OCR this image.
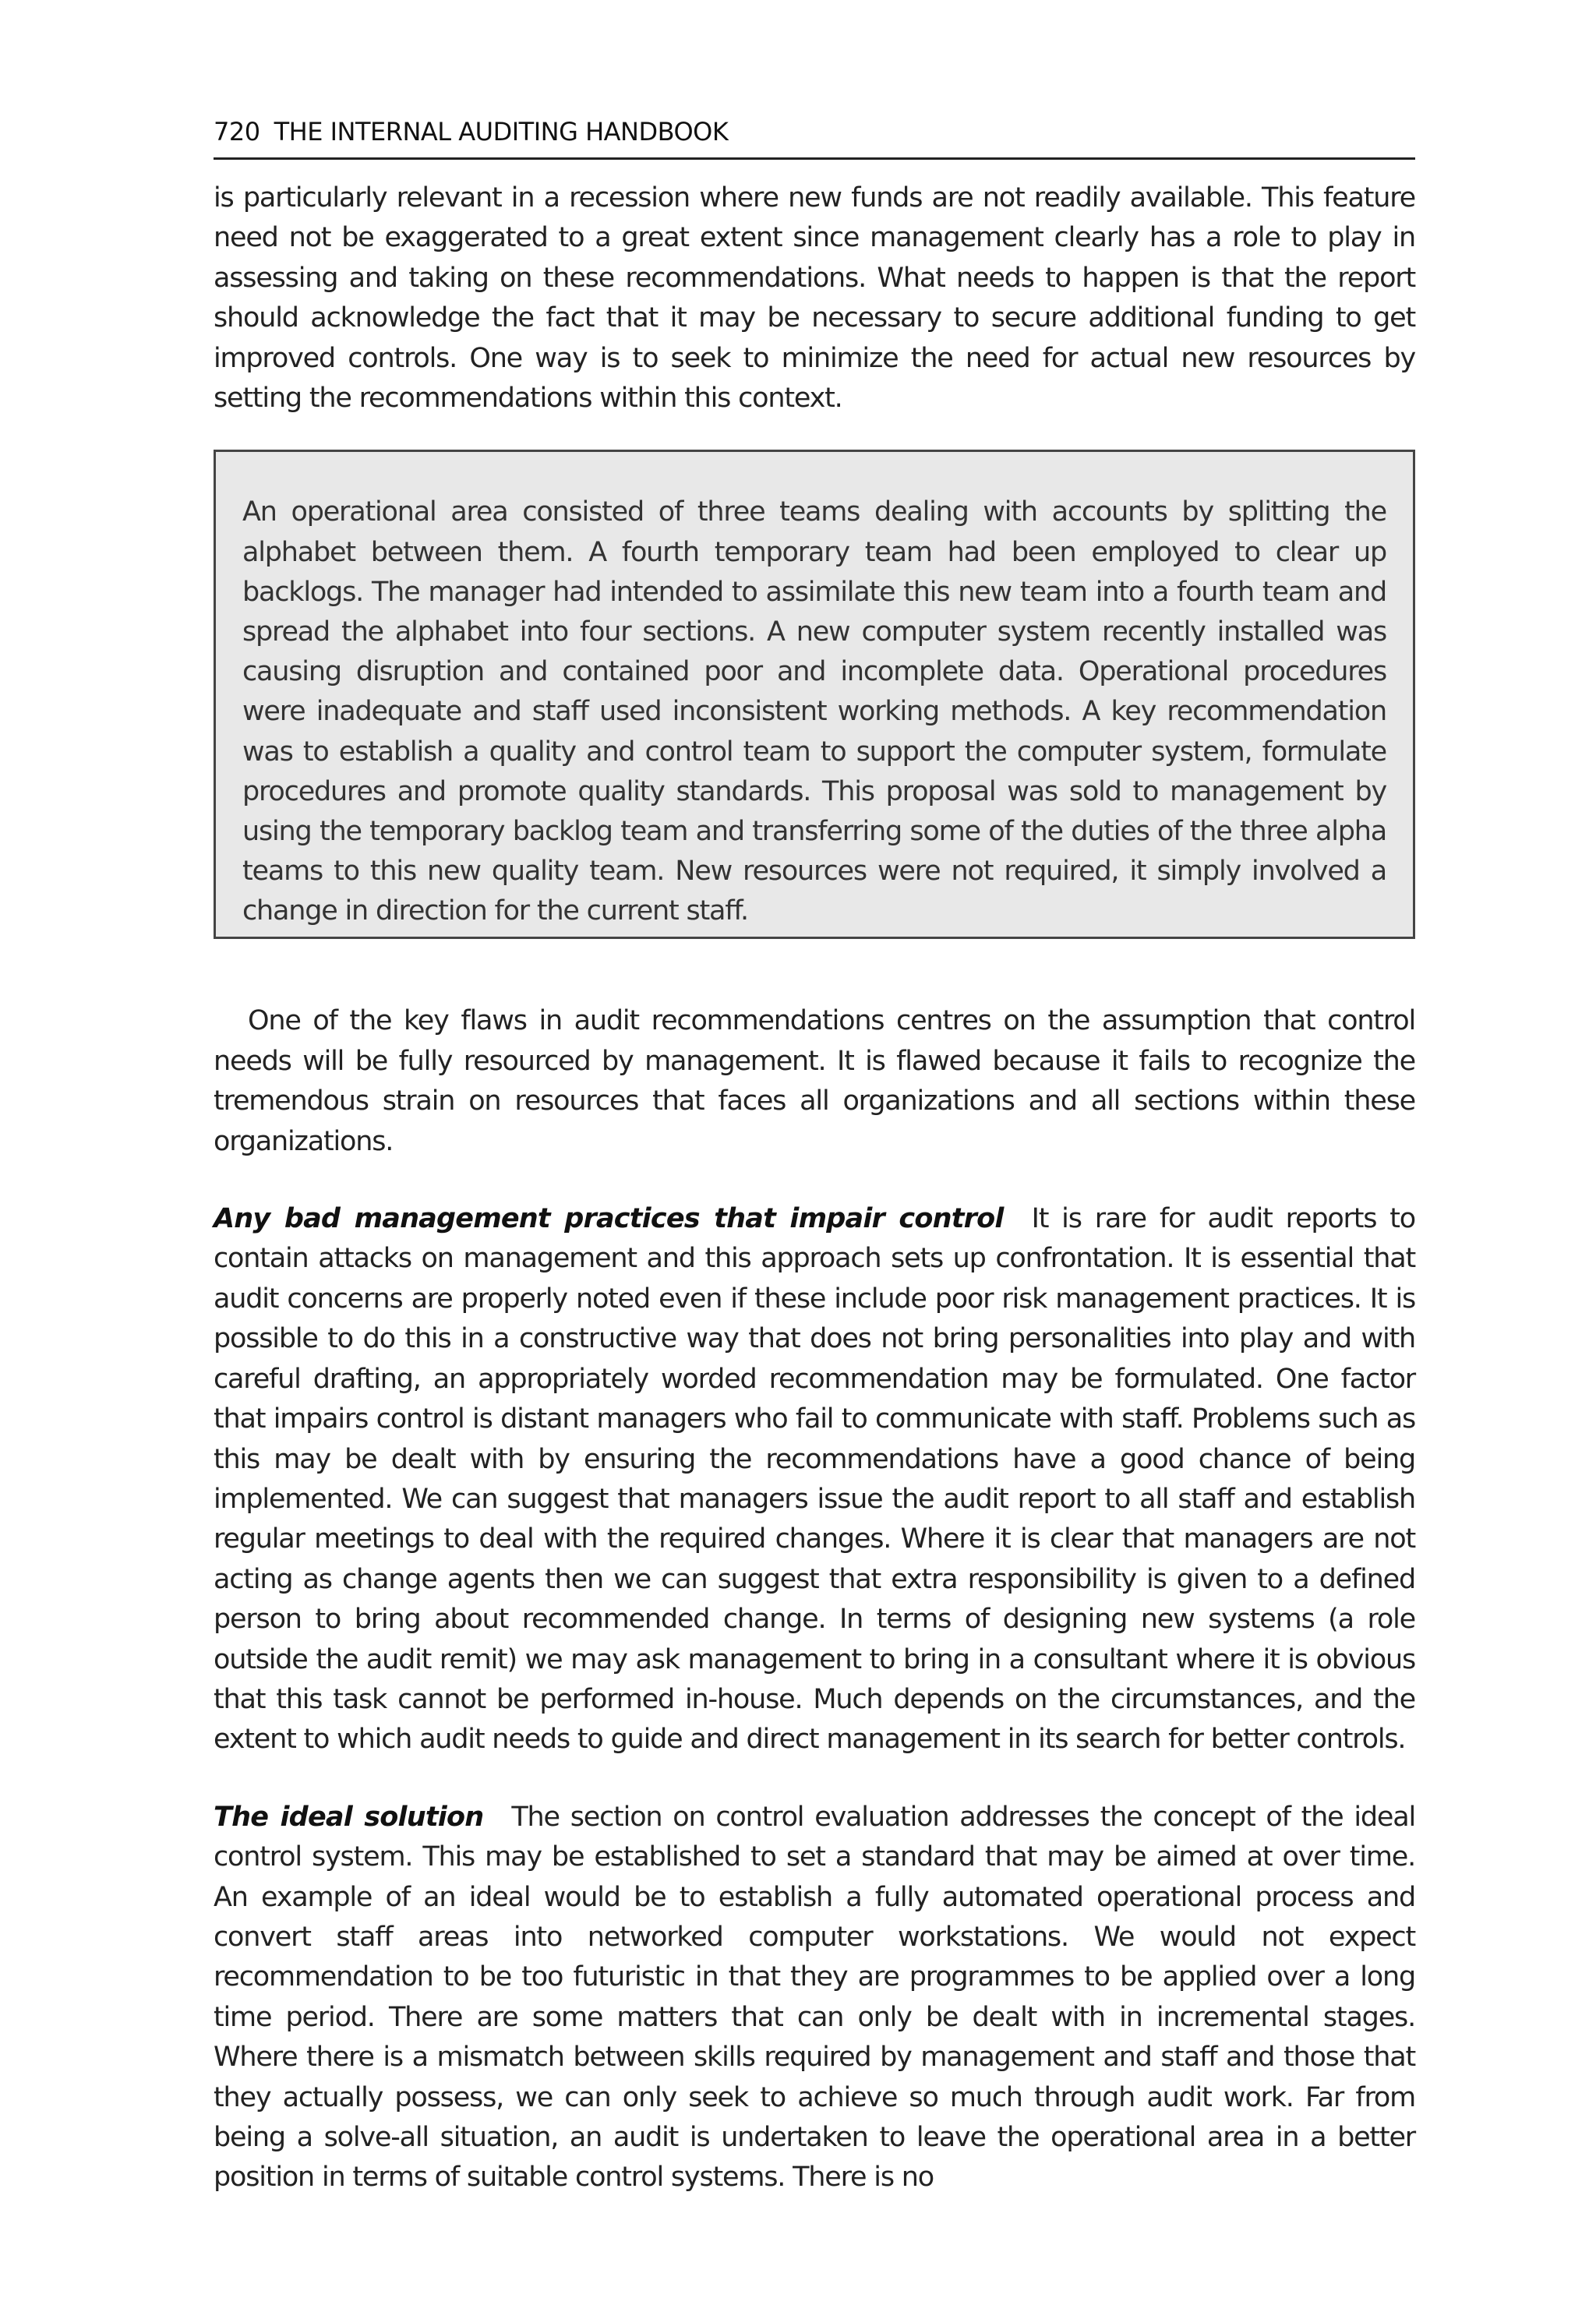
720 THE INTERNAL AUDITING HANDBOOK

is particularly relevant in a recession where new funds are not readily available. This feature need not be exaggerated to a great extent since management clearly has a role to play in assessing and taking on these recommendations. What needs to happen is that the report should acknowledge the fact that it may be necessary to secure additional funding to get improved controls. One way is to seek to minimize the need for actual new resources by setting the recommendations within this context.

An operational area consisted of three teams dealing with accounts by splitting the alphabet between them. A fourth temporary team had been employed to clear up backlogs. The manager had intended to assimilate this new team into a fourth team and spread the alphabet into four sections. A new computer system recently installed was causing disruption and contained poor and incomplete data. Operational procedures were inadequate and staff used inconsistent working methods. A key recommendation was to establish a quality and control team to support the computer system, formulate procedures and promote quality standards. This proposal was sold to management by using the temporary backlog team and transferring some of the duties of the three alpha teams to this new quality team. New resources were not required, it simply involved a change in direction for the current staff.

One of the key flaws in audit recommendations centres on the assumption that control needs will be fully resourced by management. It is flawed because it fails to recognize the tremendous strain on resources that faces all organizations and all sections within these organizations.

Any bad management practices that impair control It is rare for audit reports to contain attacks on management and this approach sets up confrontation. It is essential that audit concerns are properly noted even if these include poor risk management practices. It is possible to do this in a constructive way that does not bring personalities into play and with careful drafting, an appropriately worded recommendation may be formulated. One factor that impairs control is distant managers who fail to communicate with staff. Problems such as this may be dealt with by ensuring the recommendations have a good chance of being implemented. We can suggest that managers issue the audit report to all staff and establish regular meetings to deal with the required changes. Where it is clear that managers are not acting as change agents then we can suggest that extra responsibility is given to a defined person to bring about recommended change. In terms of designing new systems (a role outside the audit remit) we may ask management to bring in a consultant where it is obvious that this task cannot be performed in-house. Much depends on the circumstances, and the extent to which audit needs to guide and direct management in its search for better controls.

The ideal solution The section on control evaluation addresses the concept of the ideal control system. This may be established to set a standard that may be aimed at over time. An example of an ideal would be to establish a fully automated operational process and convert staff areas into networked computer workstations. We would not expect recommendation to be too futuristic in that they are programmes to be applied over a long time period. There are some matters that can only be dealt with in incremental stages. Where there is a mismatch between skills required by management and staff and those that they actually possess, we can only seek to achieve so much through audit work. Far from being a solve-all situation, an audit is undertaken to leave the operational area in a better position in terms of suitable control systems. There is no
